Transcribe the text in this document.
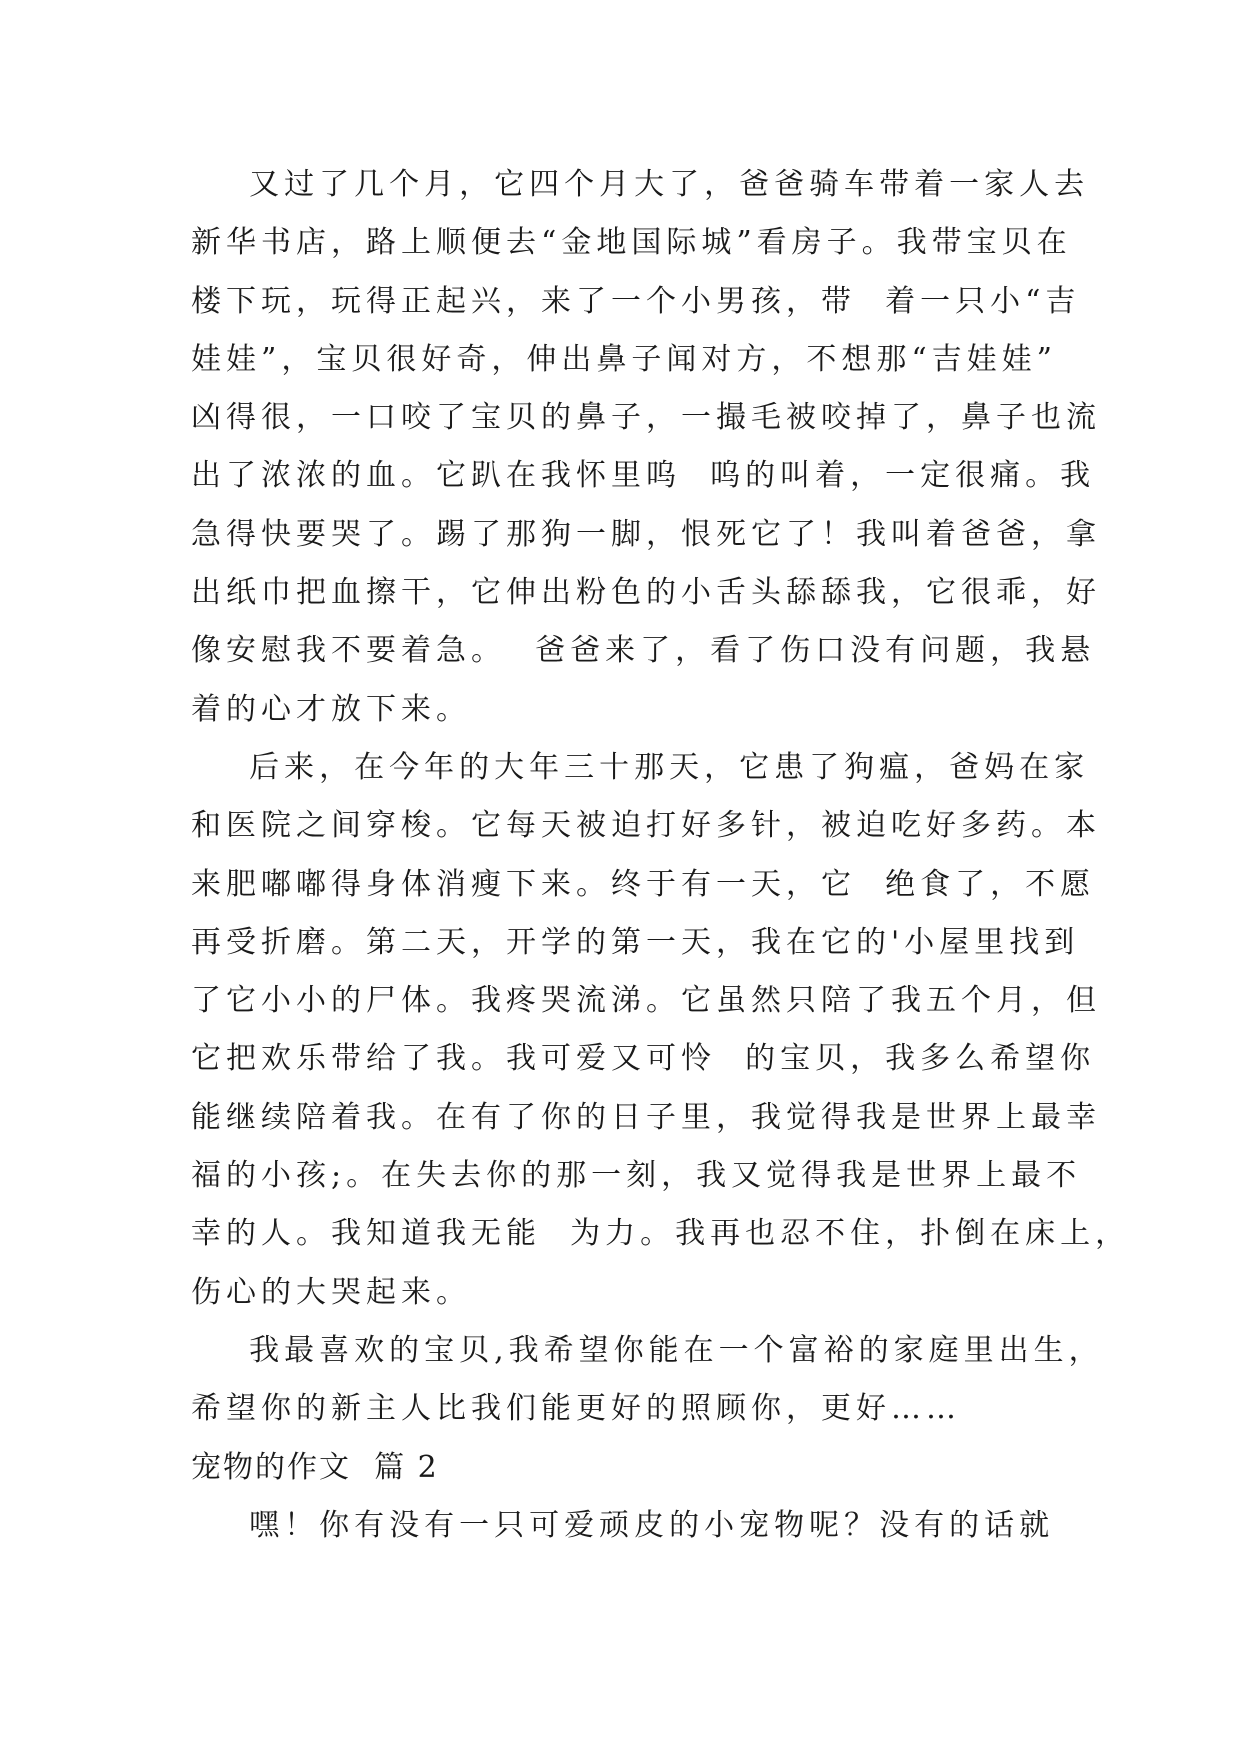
又过了几个月，它四个月大了，爸爸骑车带着一家人去
新华书店，路上顺便去“金地国际城”看房子。我带宝贝在
楼下玩，玩得正起兴，来了一个小男孩，带  着一只小“吉
娃娃”，宝贝很好奇，伸出鼻子闻对方，不想那“吉娃娃”
凶得很，一口咬了宝贝的鼻子，一撮毛被咬掉了，鼻子也流
出了浓浓的血。它趴在我怀里呜  呜的叫着，一定很痛。我
急得快要哭了。踢了那狗一脚，恨死它了！我叫着爸爸，拿
出纸巾把血擦干，它伸出粉色的小舌头舔舔我，它很乖，好
像安慰我不要着急。  爸爸来了，看了伤口没有问题，我悬
着的心才放下来。
后来，在今年的大年三十那天，它患了狗瘟，爸妈在家
和医院之间穿梭。它每天被迫打好多针，被迫吃好多药。本
来肥嘟嘟得身体消瘦下来。终于有一天，它  绝食了，不愿
再受折磨。第二天，开学的第一天，我在它的'小屋里找到
了它小小的尸体。我疼哭流涕。它虽然只陪了我五个月，但
它把欢乐带给了我。我可爱又可怜  的宝贝，我多么希望你
能继续陪着我。在有了你的日子里，我觉得我是世界上最幸
福的小孩;。在失去你的那一刻，我又觉得我是世界上最不
幸的人。我知道我无能  为力。我再也忍不住，扑倒在床上，
伤心的大哭起来。
我最喜欢的宝贝,我希望你能在一个富裕的家庭里出生，
希望你的新主人比我们能更好的照顾你，更好……
宠物的作文  篇 2
嘿！你有没有一只可爱顽皮的小宠物呢？没有的话就
